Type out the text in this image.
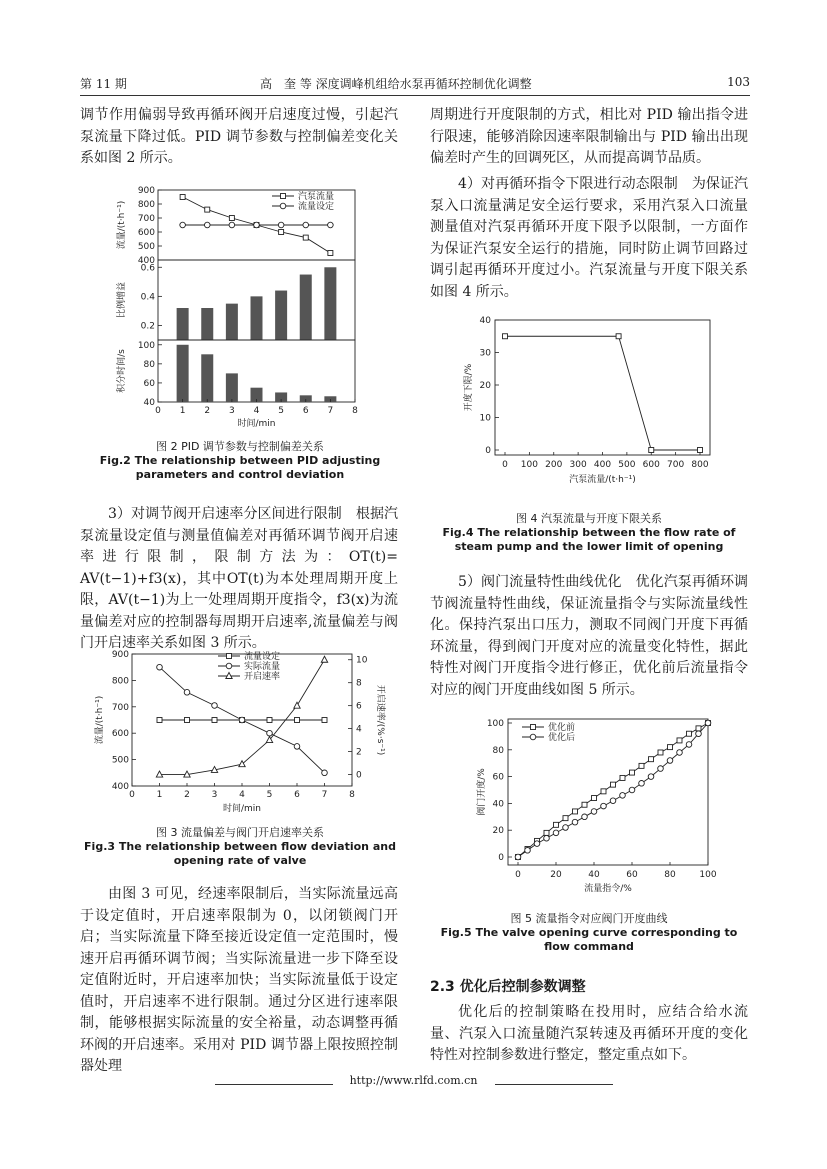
第 11 期	高　奎 等 深度调峰机组给水泵再循环控制优化调整	103

调节作用偏弱导致再循环阀开启速度过慢，引起汽泵流量下降过低。PID 调节参数与控制偏差变化关系如图 2 所示。

400
500
600
700
800
900
流量/(t·h⁻¹)
汽泵流量
流量设定
0.2
0.4
0.6
比例增益
40
60
80
100
积分时间/s
0 1 2 3 4 5 6 7 8
时间/min
图 2 PID 调节参数与控制偏差关系
Fig.2 The relationship between PID adjusting parameters and control deviation

3）对调节阀开启速率分区间进行限制　根据汽泵流量设定值与测量值偏差对再循环调节阀开启速率进行限制，限制方法为：OT(t)= AV(t−1)+f3(x)，其中OT(t)为本处理周期开度上限，AV(t−1)为上一处理周期开度指令，f3(x)为流量偏差对应的控制器每周期开启速率,流量偏差与阀门开启速率关系如图 3 所示。

400
500
600
700
800
900
0
2
4
6
8
10
0 1 2 3 4 5 6 7 8
时间/min
流量/(t·h⁻¹)	开启速率/(%·s⁻¹)
流量设定
实际流量
开启速率
图 3 流量偏差与阀门开启速率关系
Fig.3 The relationship between flow deviation and opening rate of valve

由图 3 可见，经速率限制后，当实际流量远高于设定值时，开启速率限制为 0，以闭锁阀门开启；当实际流量下降至接近设定值一定范围时，慢速开启再循环调节阀；当实际流量进一步下降至设定值附近时，开启速率加快；当实际流量低于设定值时，开启速率不进行限制。通过分区进行速率限制，能够根据实际流量的安全裕量，动态调整再循环阀的开启速率。采用对 PID 调节器上限按照控制器处理

周期进行开度限制的方式，相比对 PID 输出指令进行限速，能够消除因速率限制输出与 PID 输出出现偏差时产生的回调死区，从而提高调节品质。

4）对再循环指令下限进行动态限制　为保证汽泵入口流量满足安全运行要求，采用汽泵入口流量测量值对汽泵再循环开度下限予以限制，一方面作为保证汽泵安全运行的措施，同时防止调节回路过调引起再循环开度过小。汽泵流量与开度下限关系如图 4 所示。

0
10
20
30
40
0 100 200 300 400 500 600 700 800
汽泵流量/(t·h⁻¹)
开度下限/%
图 4 汽泵流量与开度下限关系
Fig.4 The relationship between the flow rate of steam pump and the lower limit of opening

5）阀门流量特性曲线优化　优化汽泵再循环调节阀流量特性曲线，保证流量指令与实际流量线性化。保持汽泵出口压力，测取不同阀门开度下再循环流量，得到阀门开度对应的流量变化特性，据此特性对阀门开度指令进行修正，优化前后流量指令对应的阀门开度曲线如图 5 所示。

0
20
40
60
80
100
0	20	40	60	80	100
流量指令/%
阀门开度/%
优化前
优化后
图 5 流量指令对应阀门开度曲线
Fig.5 The valve opening curve corresponding to flow command
2.3 优化后控制参数调整

优化后的控制策略在投用时，应结合给水流量、汽泵入口流量随汽泵转速及再循环开度的变化特性对控制参数进行整定，整定重点如下。

http://www.rlfd.com.cn
